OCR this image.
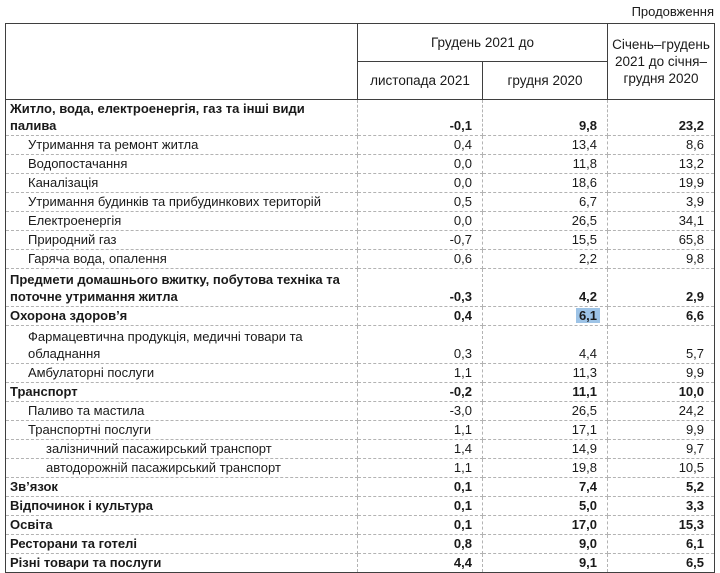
Продовження
	Грудень 2021 до		Січень–грудень 2021 до січня–грудня 2020
	листопада 2021	грудня 2020	
Житло, вода, електроенергія, газ та інші види палива	-0,1	9,8	23,2
Утримання та ремонт житла	0,4	13,4	8,6
Водопостачання	0,0	11,8	13,2
Каналізація	0,0	18,6	19,9
Утримання будинків та прибудинкових територій	0,5	6,7	3,9
Електроенергія	0,0	26,5	34,1
Природний газ	-0,7	15,5	65,8
Гаряча вода, опалення	0,6	2,2	9,8
Предмети домашнього вжитку, побутова техніка та поточне утримання житла	-0,3	4,2	2,9
Охорона здоров’я	0,4	6,1	6,6
Фармацевтична продукція, медичні товари та обладнання	0,3	4,4	5,7
Амбулаторні послуги	1,1	11,3	9,9
Транспорт	-0,2	11,1	10,0
Паливо та мастила	-3,0	26,5	24,2
Транспортні послуги	1,1	17,1	9,9
залізничний пасажирський транспорт	1,4	14,9	9,7
автодорожній пасажирський транспорт	1,1	19,8	10,5
Зв’язок	0,1	7,4	5,2
Відпочинок і культура	0,1	5,0	3,3
Освіта	0,1	17,0	15,3
Ресторани та готелі	0,8	9,0	6,1
Різні товари та послуги	4,4	9,1	6,5
